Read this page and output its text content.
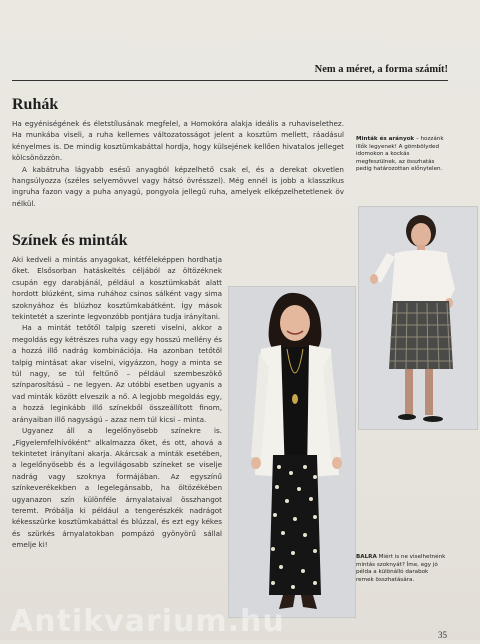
Nem a méret, a forma számít!
Ruhák

Ha egyéniségének és életstílusának megfelel, a Homokóra alakja ideális a ruhaviselethez. Ha munkába viseli, a ruha kellemes változatosságot jelent a kosztüm mellett, ráadásul kényelmes is. De mindig kosztümkabáttal hordja, hogy külsejének kellően hivatalos jelleget kölcsönözzön.

A kabátruha lágyabb esésű anyagból képzelhető csak el, és a derekat okvetlen hangsúlyozza (széles selyemövvel vagy hátsó övrésszel). Még ennél is jobb a klasszikus ingruha fazon vagy a puha anyagú, pongyola jellegű ruha, amelyek elképzelhetetlenek öv nélkül.

Színek és minták

Aki kedveli a mintás anyagokat, kétféleképpen hordhatja őket. Elsősorban hatáskeltés céljából az öltözéknek csupán egy darabjánál, például a kosztümkabát alatt hordott blúzként, sima ruhához csinos sálként vagy sima szoknyához és blúzhoz kosztümkabátként. Így mások tekintetét a szerinte legvonzóbb pontjára tudja irányítani.

Ha a mintát tetőtől talpig szereti viselni, akkor a megoldás egy kétrészes ruha vagy egy hosszú mellény és a hozzá illő nadrág kombinációja. Ha azonban tetőtől talpig mintásat akar viselni, vigyázzon, hogy a minta se túl nagy, se túl feltűnő – például szembeszökő színparosítású – ne legyen. Az utóbbi esetben ugyanis a vad minták között elveszik a nő. A legjobb megoldás egy, a hozzá leginkább illő színekből összeállított finom, arányaiban illő nagyságú – azaz nem túl kicsi – minta.

Ugyanez áll a legelőnyösebb színekre is. „Figyelemfelhívóként" alkalmazza őket, és ott, ahová a tekintetet irányítani akarja. Akárcsak a minták esetében, a legelőnyösebb és a legvilágosabb színeket se viselje nadrág vagy szoknya formájában. Az egyszínű színkeverékekben a legelegánsabb, ha öltözékében ugyanazon szín különféle árnyalataival összhangot teremt. Próbálja ki például a tengerészkék nadrágot kékesszürke kosztümkabáttal és blúzzal, és ezt egy kékes és szürkés árnyalatokban pompázó gyönyörű sállal emelje ki!

Minták és arányok – hozzánk illők legyenek! A gömbölyded idomokon a kockás megfeszülnek, az összhatás pedig határozottan előnytelen.
BALRA Miért is ne viselhetnénk mintás szoknyát? Íme, egy jó példa a különálló darabok remek összhatására.
Antikvarium.hu	35
